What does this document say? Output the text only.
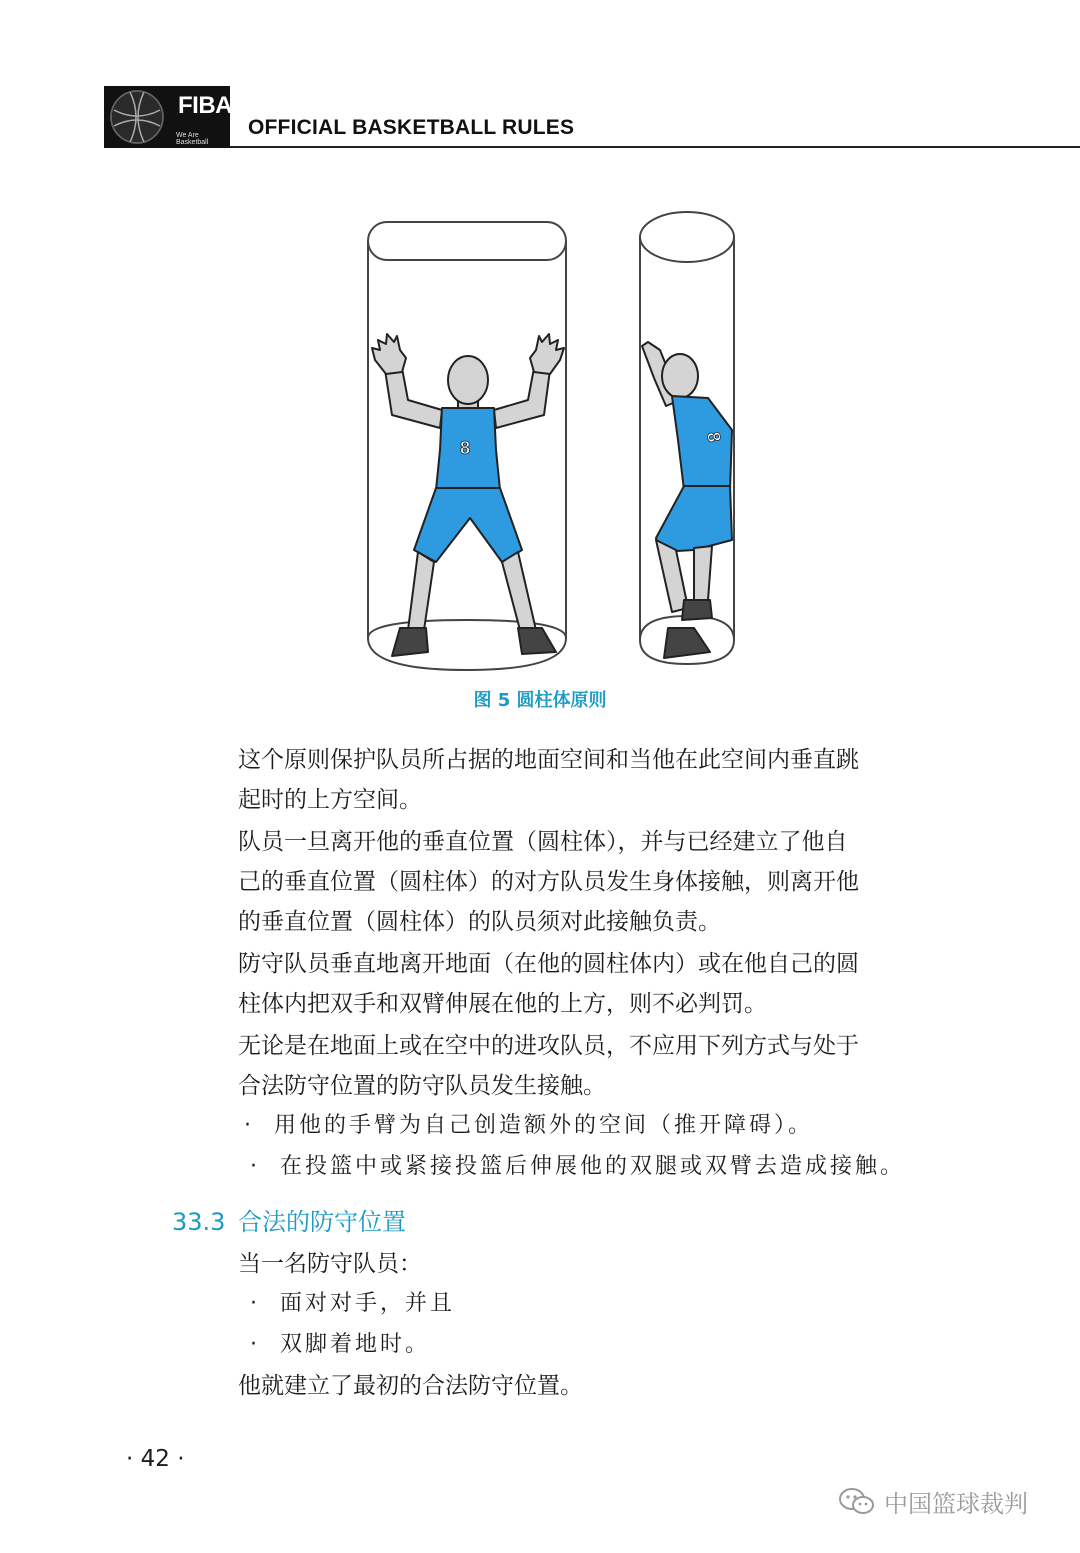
FIBA
We Are Basketball
OFFICIAL BASKETBALL RULES
8
8
图 5 圆柱体原则
这个原则保护队员所占据的地面空间和当他在此空间内垂直跳
起时的上方空间。
队员一旦离开他的垂直位置（圆柱体），并与已经建立了他自
己的垂直位置（圆柱体）的对方队员发生身体接触，则离开他
的垂直位置（圆柱体）的队员须对此接触负责。
防守队员垂直地离开地面（在他的圆柱体内）或在他自己的圆
柱体内把双手和双臂伸展在他的上方，则不必判罚。
无论是在地面上或在空中的进攻队员，不应用下列方式与处于
合法防守位置的防守队员发生接触。
· 用他的手臂为自己创造额外的空间（推开障碍）。
· 在投篮中或紧接投篮后伸展他的双腿或双臂去造成接触。
33.3 合法的防守位置
当一名防守队员：
· 面对对手，并且
· 双脚着地时。
他就建立了最初的合法防守位置。
· 42 ·
中国篮球裁判
